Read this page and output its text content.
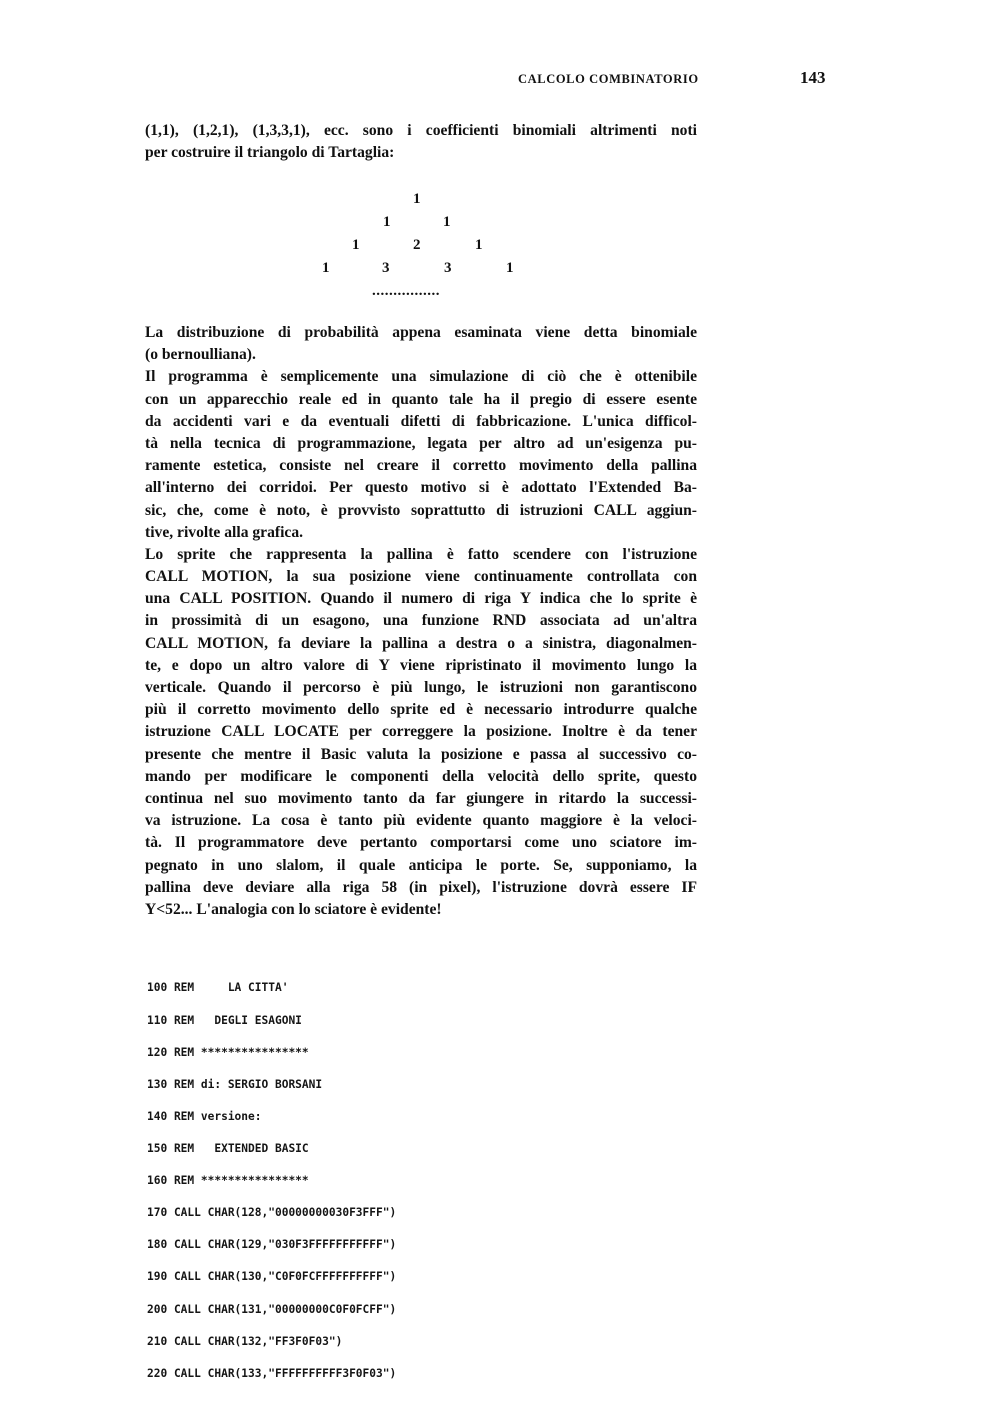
CALCOLO COMBINATORIO	143
(1,1), (1,2,1), (1,3,3,1), ecc. sono i coefficienti binomiali altrimenti noti
per costruire il triangolo di Tartaglia:
1
1	1
1	2	1
1	3	3	1
................
La distribuzione di probabilità appena esaminata viene detta binomiale
(o bernoulliana).
Il programma è semplicemente una simulazione di ciò che è ottenibile
con un apparecchio reale ed in quanto tale ha il pregio di essere esente
da accidenti vari e da eventuali difetti di fabbricazione. L'unica difficol-
tà nella tecnica di programmazione, legata per altro ad un'esigenza pu-
ramente estetica, consiste nel creare il corretto movimento della pallina
all'interno dei corridoi. Per questo motivo si è adottato l'Extended Ba-
sic, che, come è noto, è provvisto soprattutto di istruzioni CALL aggiun-
tive, rivolte alla grafica.
Lo sprite che rappresenta la pallina è fatto scendere con l'istruzione
CALL MOTION, la sua posizione viene continuamente controllata con
una CALL POSITION. Quando il numero di riga Y indica che lo sprite è
in prossimità di un esagono, una funzione RND associata ad un'altra
CALL MOTION, fa deviare la pallina a destra o a sinistra, diagonalmen-
te, e dopo un altro valore di Y viene ripristinato il movimento lungo la
verticale. Quando il percorso è più lungo, le istruzioni non garantiscono
più il corretto movimento dello sprite ed è necessario introdurre qualche
istruzione CALL LOCATE per correggere la posizione. Inoltre è da tener
presente che mentre il Basic valuta la posizione e passa al successivo co-
mando per modificare le componenti della velocità dello sprite, questo
continua nel suo movimento tanto da far giungere in ritardo la successi-
va istruzione. La cosa è tanto più evidente quanto maggiore è la veloci-
tà. Il programmatore deve pertanto comportarsi come uno sciatore im-
pegnato in uno slalom, il quale anticipa le porte. Se, supponiamo, la
pallina deve deviare alla riga 58 (in pixel), l'istruzione dovrà essere IF
Y<52... L'analogia con lo sciatore è evidente!

100 REM     LA CITTA'

110 REM   DEGLI ESAGONI

120 REM ****************

130 REM di: SERGIO BORSANI

140 REM versione:

150 REM   EXTENDED BASIC

160 REM ****************

170 CALL CHAR(128,"00000000030F3FFF")

180 CALL CHAR(129,"030F3FFFFFFFFFFF")

190 CALL CHAR(130,"C0F0FCFFFFFFFFFF")

200 CALL CHAR(131,"00000000C0F0FCFF")

210 CALL CHAR(132,"FF3F0F03")

220 CALL CHAR(133,"FFFFFFFFFF3F0F03")
